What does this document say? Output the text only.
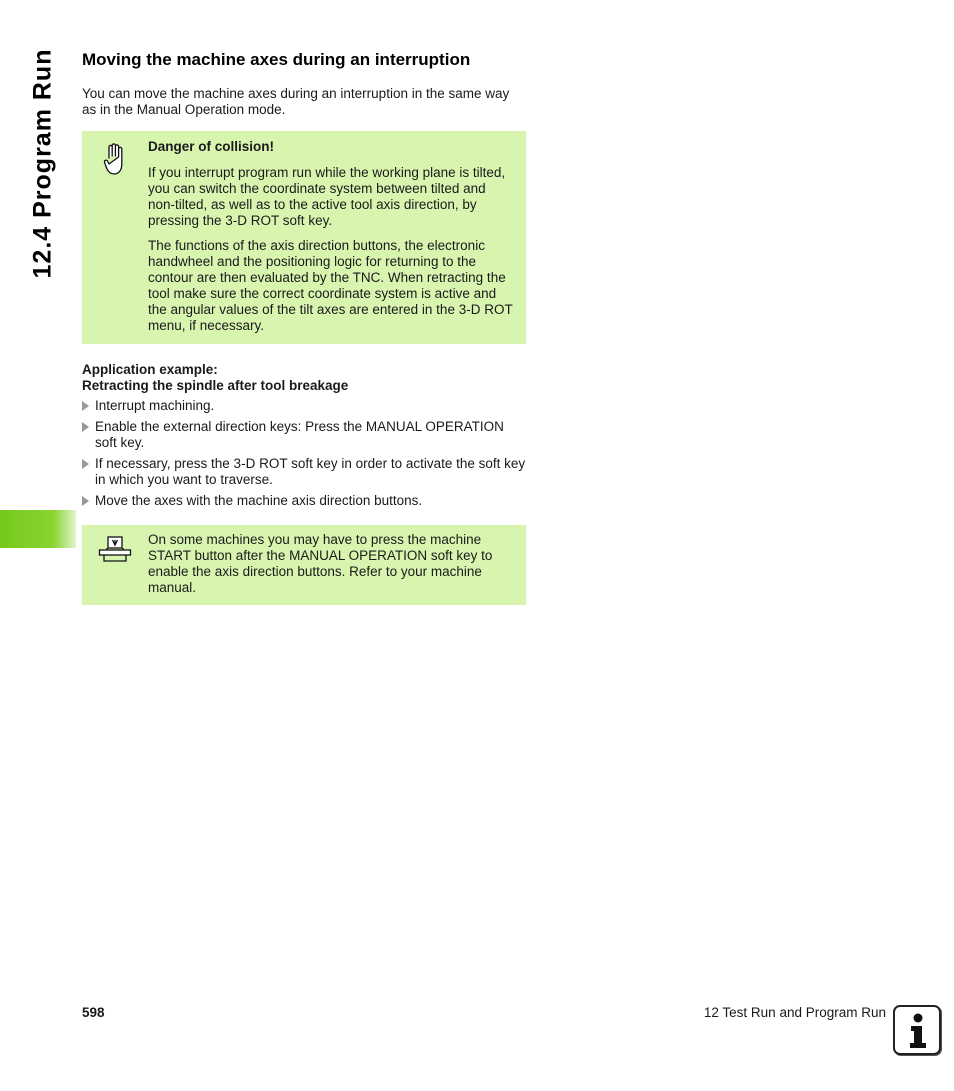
12.4 Program Run Moving the machine axes during an interruption

You can move the machine axes during an interruption in the same way as in the Manual Operation mode.

Danger of collision!

If you interrupt program run while the working plane is tilted, you can switch the coordinate system between tilted and non-tilted, as well as to the active tool axis direction, by pressing the 3-D ROT soft key.

The functions of the axis direction buttons, the electronic handwheel and the positioning logic for returning to the contour are then evaluated by the TNC. When retracting the tool make sure the correct coordinate system is active and the angular values of the tilt axes are entered in the 3-D ROT menu, if necessary.

Application example:
Retracting the spindle after tool breakage
Interrupt machining.
Enable the external direction keys: Press the MANUAL OPERATION soft key.
If necessary, press the 3-D ROT soft key in order to activate the soft key in which you want to traverse.
Move the axes with the machine axis direction buttons.

On some machines you may have to press the machine START button after the MANUAL OPERATION soft key to enable the axis direction buttons. Refer to your machine manual.

598	12 Test Run and Program Run
